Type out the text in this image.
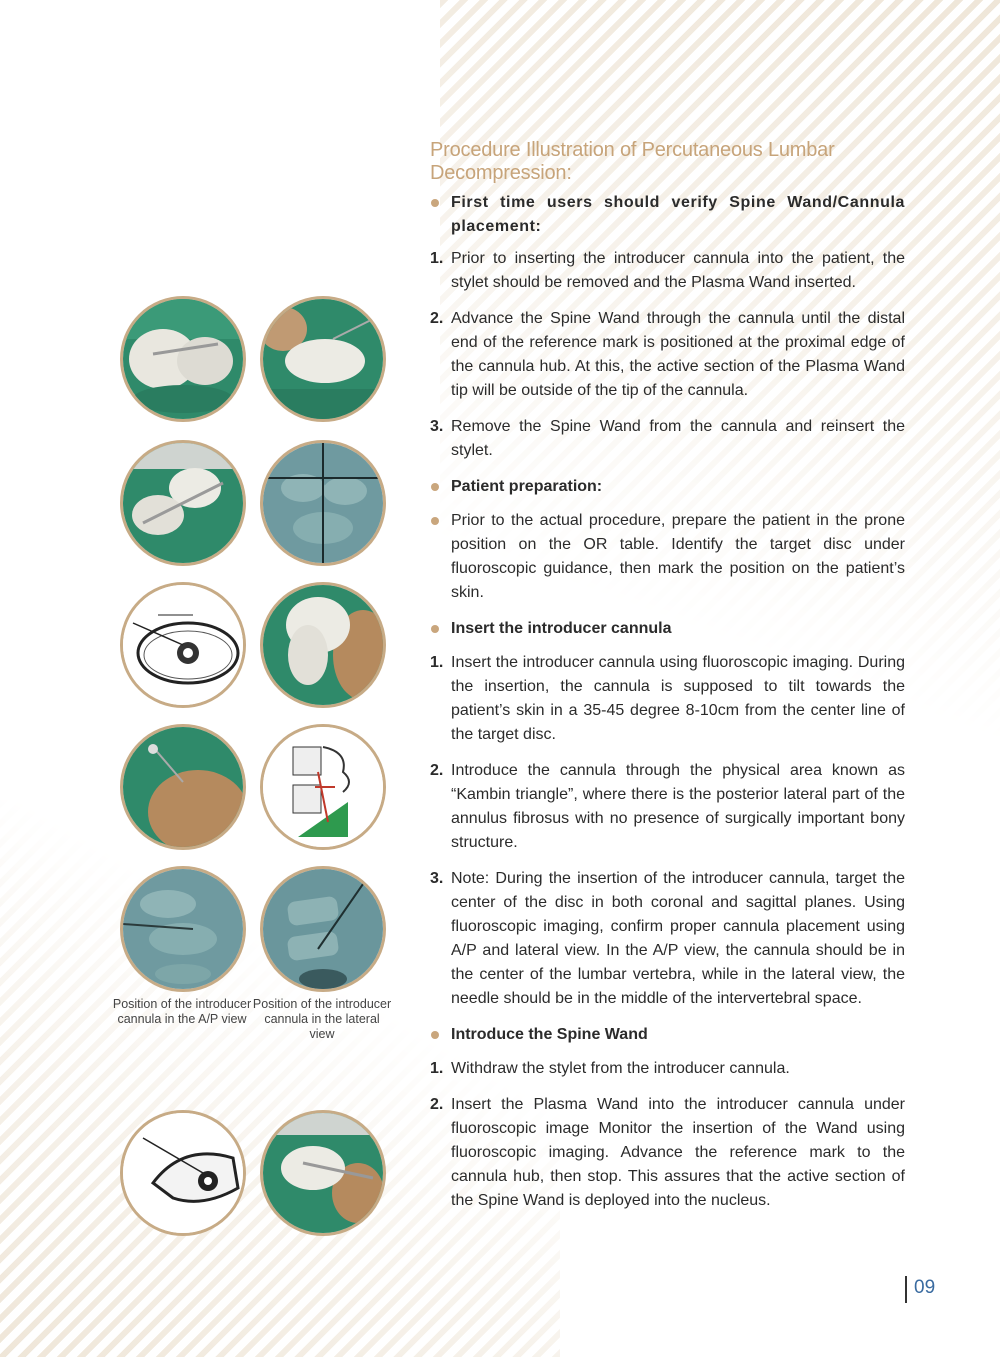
Position of the introducer cannula in the A/P view
Position of the introducer cannula in the lateral view
Procedure Illustration of Percutaneous Lumbar Decompression:
First time users should verify Spine Wand/Cannula placement:
1. Prior to inserting the introducer cannula into the patient, the stylet should be removed and the Plasma Wand inserted.
2. Advance the Spine Wand through the cannula until the distal end of the reference mark is positioned at the proximal edge of the cannula hub. At this, the active section of the Plasma Wand tip will be outside of the tip of the cannula.
3. Remove the Spine Wand from the cannula and reinsert the stylet.
Patient preparation:
Prior to the actual procedure, prepare the patient in the prone position on the OR table. Identify the target disc under fluoroscopic guidance, then mark the position on the patient’s skin.
Insert the introducer cannula
1. Insert the introducer cannula using fluoroscopic imaging. During the insertion, the cannula is supposed to tilt towards the patient’s skin in a 35-45 degree 8-10cm from the center line of the target disc.
2. Introduce the cannula through the physical area known as “Kambin triangle”, where there is the posterior lateral part of the annulus fibrosus with no presence of surgically important bony structure.
3. Note: During the insertion of the introducer cannula, target the center of the disc in both coronal and sagittal planes. Using fluoroscopic imaging, confirm proper cannula placement using A/P and lateral view. In the A/P view, the cannula should be in the center of the lumbar vertebra, while in the lateral view, the needle should be in the middle of the intervertebral space.
Introduce the Spine Wand
1. Withdraw the stylet from the introducer cannula.
2. Insert the Plasma Wand into the introducer cannula under fluoroscopic image Monitor the insertion of the Wand using fluoroscopic imaging. Advance the reference mark to the cannula hub, then stop. This assures that the active section of the Spine Wand is deployed into the nucleus.
09
